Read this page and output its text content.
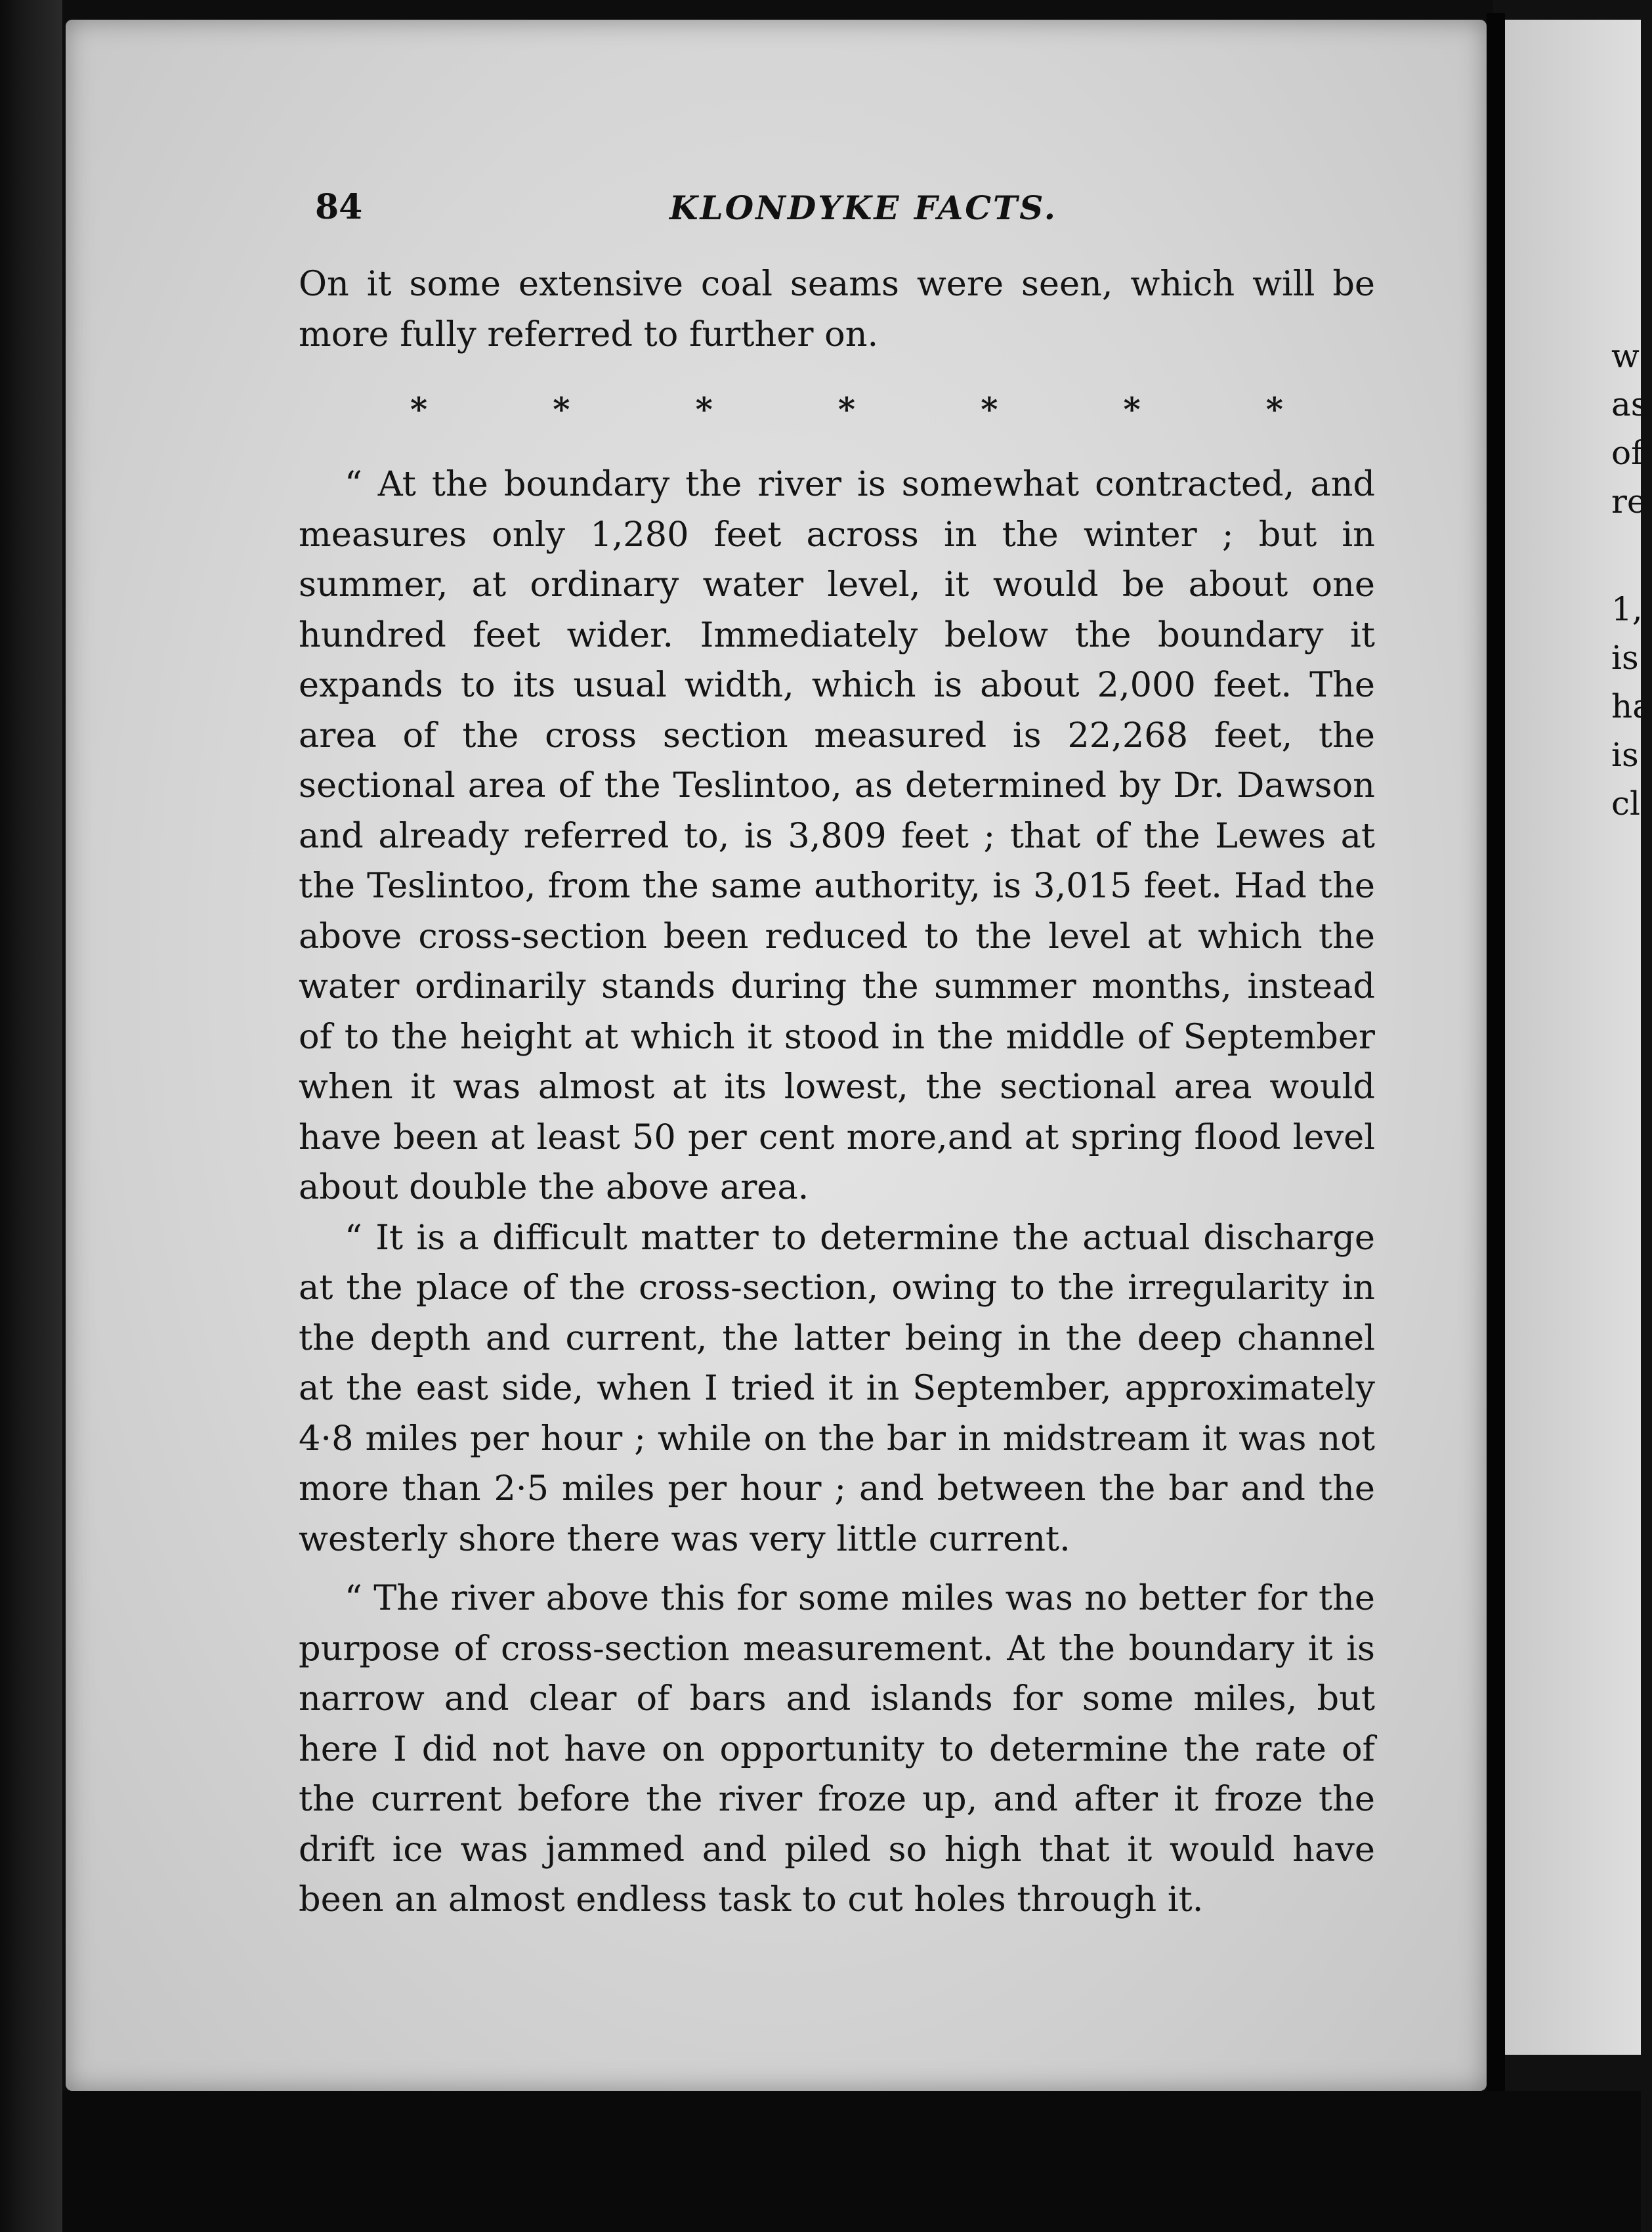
84	KLONDYKE FACTS.

On it some extensive coal seams were seen, which will be more fully referred to further on.

*	*	*	*	*	*	*

“ At the boundary the river is somewhat contracted, and measures only 1,280 feet across in the winter ; but in summer, at ordinary water level, it would be about one hundred feet wider. Immediately below the boundary it expands to its usual width, which is about 2,000 feet. The area of the cross section measured is 22,268 feet, the sectional area of the Teslintoo, as determined by Dr. Dawson and already referred to, is 3,809 feet ; that of the Lewes at the Teslintoo, from the same authority, is 3,015 feet. Had the above cross-section been reduced to the level at which the water ordinarily stands during the summer months, instead of to the height at which it stood in the middle of September when it was almost at its lowest, the sectional area would have been at least 50 per cent more,and at spring flood level about double the above area.

“ It is a difficult matter to determine the actual discharge at the place of the cross-section, owing to the irregularity in the depth and current, the latter being in the deep channel at the east side, when I tried it in September, approximately 4·8 miles per hour ; while on the bar in midstream it was not more than 2·5 miles per hour ; and between the bar and the westerly shore there was very little current.

“ The river above this for some miles was no better for the purpose of cross-section measurement. At the boundary it is narrow and clear of bars and islands for some miles, but here I did not have on opportunity to determine the rate of the current before the river froze up, and after it froze the drift ice was jammed and piled so high that it would have been an almost endless task to cut holes through it.

w
as
of
re
1,
is
ha
is
cl
